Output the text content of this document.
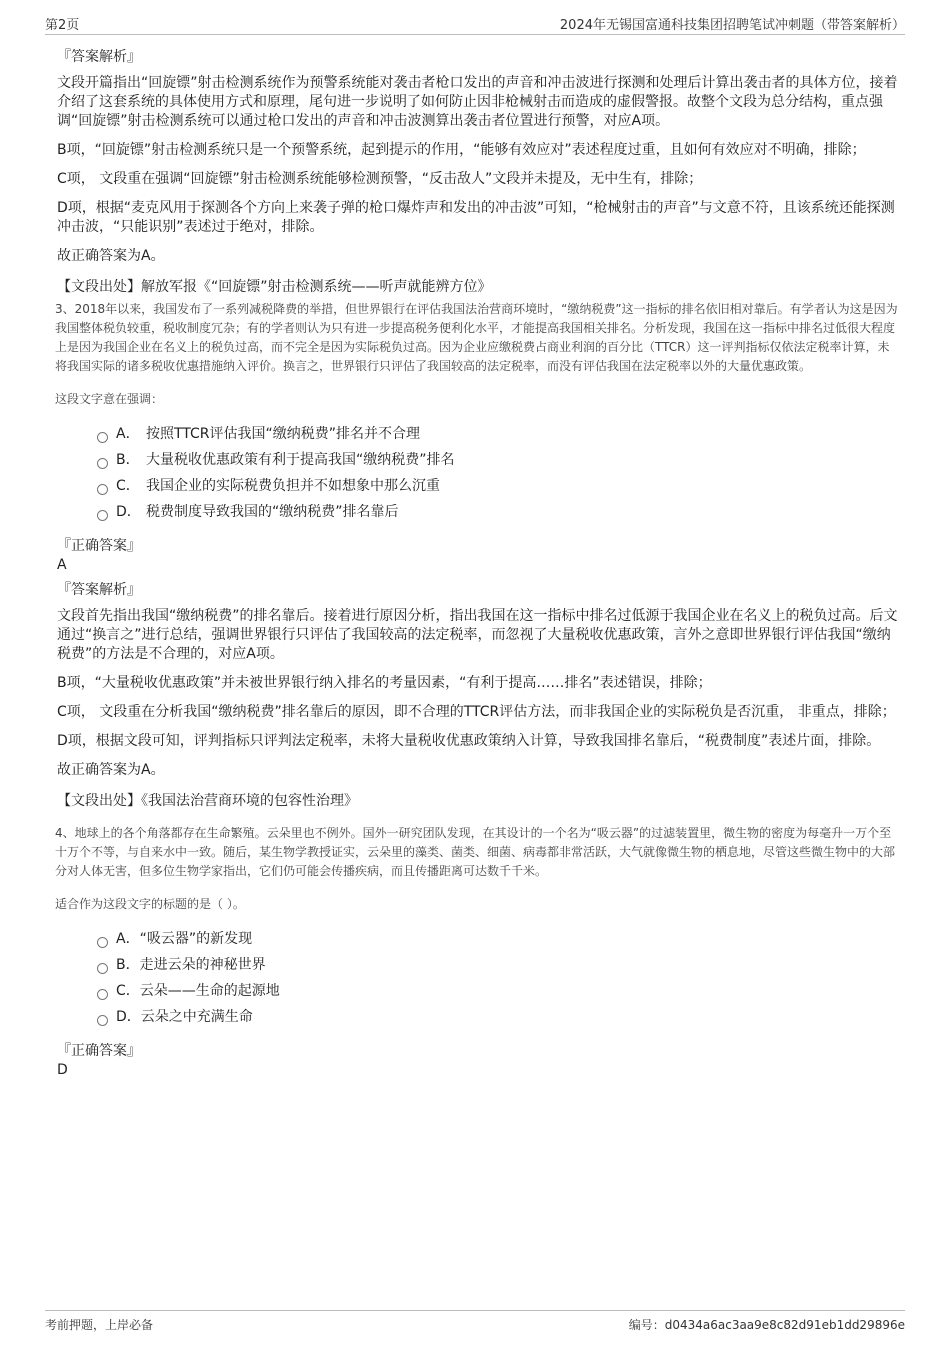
第2页	2024年无锡国富通科技集团招聘笔试冲刺题（带答案解析）
『答案解析』

文段开篇指出“回旋镖”射击检测系统作为预警系统能对袭击者枪口发出的声音和冲击波进行探测和处理后计算出袭击者的具体方位，接着介绍了这套系统的具体使用方式和原理，尾句进一步说明了如何防止因非枪械射击而造成的虚假警报。故整个文段为总分结构，重点强调“回旋镖”射击检测系统可以通过枪口发出的声音和冲击波测算出袭击者位置进行预警，对应A项。

B项，“回旋镖”射击检测系统只是一个预警系统，起到提示的作用，“能够有效应对”表述程度过重，且如何有效应对不明确，排除；

C项， 文段重在强调“回旋镖”射击检测系统能够检测预警，“反击敌人”文段并未提及，无中生有，排除；

D项，根据“麦克风用于探测各个方向上来袭子弹的枪口爆炸声和发出的冲击波”可知，“枪械射击的声音”与文意不符，且该系统还能探测冲击波，“只能识别”表述过于绝对，排除。

故正确答案为A。

【文段出处】解放军报《“回旋镖”射击检测系统——听声就能辨方位》

3、2018年以来，我国发布了一系列减税降费的举措，但世界银行在评估我国法治营商环境时，“缴纳税费”这一指标的排名依旧相对靠后。有学者认为这是因为我国整体税负较重，税收制度冗杂；有的学者则认为只有进一步提高税务便利化水平，才能提高我国相关排名。分析发现，我国在这一指标中排名过低很大程度上是因为我国企业在名义上的税负过高，而不完全是因为实际税负过高。因为企业应缴税费占商业利润的百分比（TTCR）这一评判指标仅依法定税率计算，未将我国实际的诸多税收优惠措施纳入评价。换言之，世界银行只评估了我国较高的法定税率，而没有评估我国在法定税率以外的大量优惠政策。

这段文字意在强调：

A． 按照TTCR评估我国“缴纳税费”排名并不合理
B． 大量税收优惠政策有利于提高我国“缴纳税费”排名
C． 我国企业的实际税费负担并不如想象中那么沉重
D． 税费制度导致我国的“缴纳税费”排名靠后
『正确答案』
A
『答案解析』

文段首先指出我国“缴纳税费”的排名靠后。接着进行原因分析，指出我国在这一指标中排名过低源于我国企业在名义上的税负过高。后文通过“换言之”进行总结，强调世界银行只评估了我国较高的法定税率，而忽视了大量税收优惠政策，言外之意即世界银行评估我国“缴纳税费”的方法是不合理的，对应A项。

B项，“大量税收优惠政策”并未被世界银行纳入排名的考量因素，“有利于提高……排名”表述错误，排除；

C项， 文段重在分析我国“缴纳税费”排名靠后的原因，即不合理的TTCR评估方法，而非我国企业的实际税负是否沉重， 非重点，排除；

D项，根据文段可知，评判指标只评判法定税率，未将大量税收优惠政策纳入计算，导致我国排名靠后，“税费制度”表述片面，排除。

故正确答案为A。

【文段出处】《我国法治营商环境的包容性治理》

4、地球上的各个角落都存在生命繁殖。云朵里也不例外。国外一研究团队发现，在其设计的一个名为“吸云器”的过滤装置里，微生物的密度为每毫升一万个至十万个不等，与自来水中一致。随后，某生物学教授证实，云朵里的藻类、菌类、细菌、病毒都非常活跃，大气就像微生物的栖息地，尽管这些微生物中的大部分对人体无害，但多位生物学家指出，它们仍可能会传播疾病，而且传播距离可达数千千米。

适合作为这段文字的标题的是（ ）。

A． “吸云器”的新发现
B． 走进云朵的神秘世界
C． 云朵——生命的起源地
D． 云朵之中充满生命
『正确答案』
D
考前押题，上岸必备	编号：d0434a6ac3aa9e8c82d91eb1dd29896e
